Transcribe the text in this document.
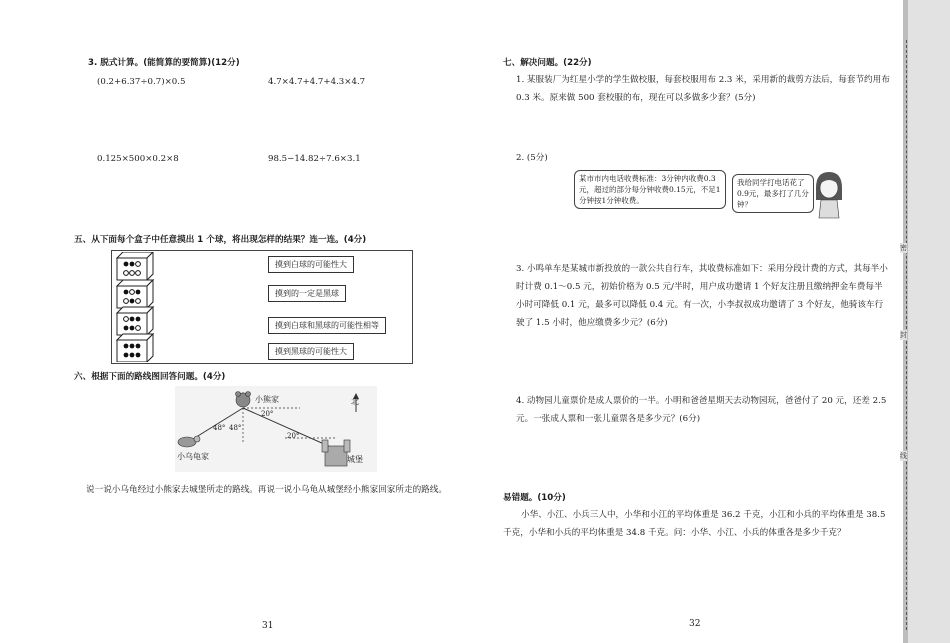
3. 脱式计算。(能简算的要简算)(12分)
(0.2+6.37÷0.7)×0.5	4.7×4.7+4.7+4.3×4.7
0.125×500×0.2×8	98.5−14.82÷7.6×3.1
五、从下面每个盒子中任意摸出 1 个球，将出现怎样的结果？连一连。(4分)
摸到白球的可能性大
摸到的一定是黑球
摸到白球和黑球的可能性相等
摸到黑球的可能性大
六、根据下面的路线图回答问题。(4分)
小熊家
小乌龟家	城堡
北
48° 48°
20°
20°
说一说小乌龟经过小熊家去城堡所走的路线。再说一说小乌龟从城堡经小熊家回家所走的路线。
31
七、解决问题。(22分)
1. 某服装厂为红星小学的学生做校服，每套校服用布 2.3 米，采用新的裁剪方法后，每套节约用布 0.3 米。原来做 500 套校服的布，现在可以多做多少套？(5分)
2. (5分)
某市市内电话收费标准：3分钟内收费0.3元，超过的部分每分钟收费0.15元，不足1分钟按1分钟收费。
我给同学打电话花了0.9元，最多打了几分钟？
3. 小鸣单车是某城市新投放的一款公共自行车，其收费标准如下：采用分段计费的方式，其每半小时计费 0.1～0.5 元，初始价格为 0.5 元/半时，用户成功邀请 1 个好友注册且缴纳押金车费每半小时可降低 0.1 元，最多可以降低 0.4 元。有一次，小李叔叔成功邀请了 3 个好友，他骑该车行驶了 1.5 小时，他应缴费多少元？(6分)
4. 动物园儿童票价是成人票价的一半。小明和爸爸星期天去动物园玩，爸爸付了 20 元，还差 2.5 元。一张成人票和一张儿童票各是多少元？(6分)
易错题。(10分)
小华、小江、小兵三人中，小华和小江的平均体重是 36.2 千克，小江和小兵的平均体重是 38.5 千克，小华和小兵的平均体重是 34.8 千克。问：小华、小江、小兵的体重各是多少千克？
32
密
封
线
